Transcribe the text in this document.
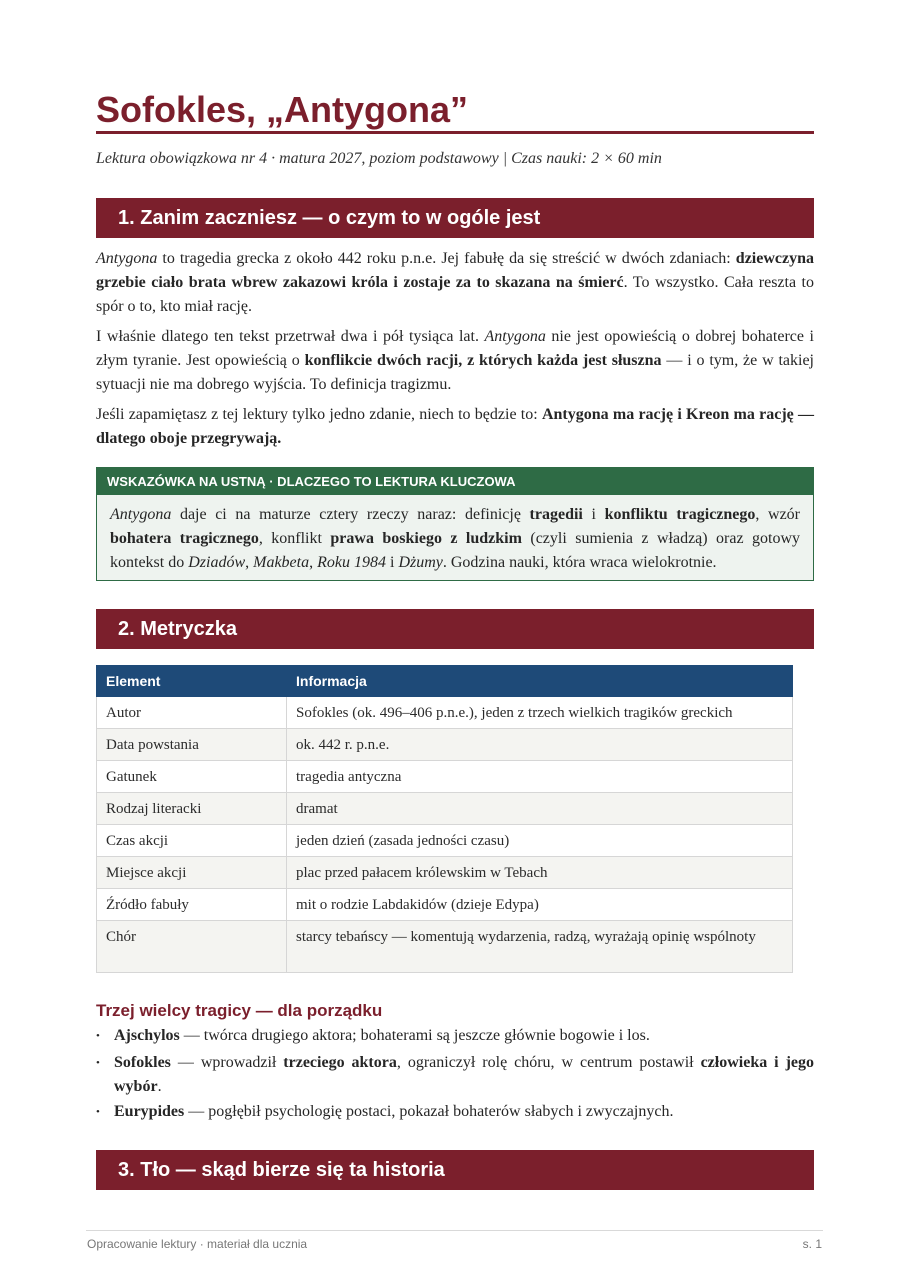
Sofokles, „Antygona”
Lektura obowiązkowa nr 4 · matura 2027, poziom podstawowy | Czas nauki: 2 × 60 min
1. Zanim zaczniesz — o czym to w ogóle jest

Antygona to tragedia grecka z około 442 roku p.n.e. Jej fabułę da się streścić w dwóch zdaniach: dziewczyna grzebie ciało brata wbrew zakazowi króla i zostaje za to skazana na śmierć. To wszystko. Cała reszta to spór o to, kto miał rację.

I właśnie dlatego ten tekst przetrwał dwa i pół tysiąca lat. Antygona nie jest opowieścią o dobrej bohaterce i złym tyranie. Jest opowieścią o konflikcie dwóch racji, z których każda jest słuszna — i o tym, że w takiej sytuacji nie ma dobrego wyjścia. To definicja tragizmu.

Jeśli zapamiętasz z tej lektury tylko jedno zdanie, niech to będzie to: Antygona ma rację i Kreon ma rację — dlatego oboje przegrywają.

WSKAZÓWKA NA USTNĄ · DLACZEGO TO LEKTURA KLUCZOWA
Antygona daje ci na maturze cztery rzeczy naraz: definicję tragedii i konfliktu tragicznego, wzór bohatera tragicznego, konflikt prawa boskiego z ludzkim (czyli sumienia z władzą) oraz gotowy kontekst do Dziadów, Makbeta, Roku 1984 i Dżumy. Godzina nauki, która wraca wielokrotnie.
2. Metryczka
Element	Informacja
Autor	Sofokles (ok. 496–406 p.n.e.), jeden z trzech wielkich tragików greckich
Data powstania	ok. 442 r. p.n.e.
Gatunek	tragedia antyczna
Rodzaj literacki	dramat
Czas akcji	jeden dzień (zasada jedności czasu)
Miejsce akcji	plac przed pałacem królewskim w Tebach
Źródło fabuły	mit o rodzie Labdakidów (dzieje Edypa)
Chór	starcy tebańscy — komentują wydarzenia, radzą, wyrażają opinię wspólnoty
Trzej wielcy tragicy — dla porządku
• Ajschylos — twórca drugiego aktora; bohaterami są jeszcze głównie bogowie i los.
• Sofokles — wprowadził trzeciego aktora, ograniczył rolę chóru, w centrum postawił człowieka i jego wybór.
• Eurypides — pogłębił psychologię postaci, pokazał bohaterów słabych i zwyczajnych.
3. Tło — skąd bierze się ta historia
Opracowanie lektury · materiał dla ucznia	s. 1
